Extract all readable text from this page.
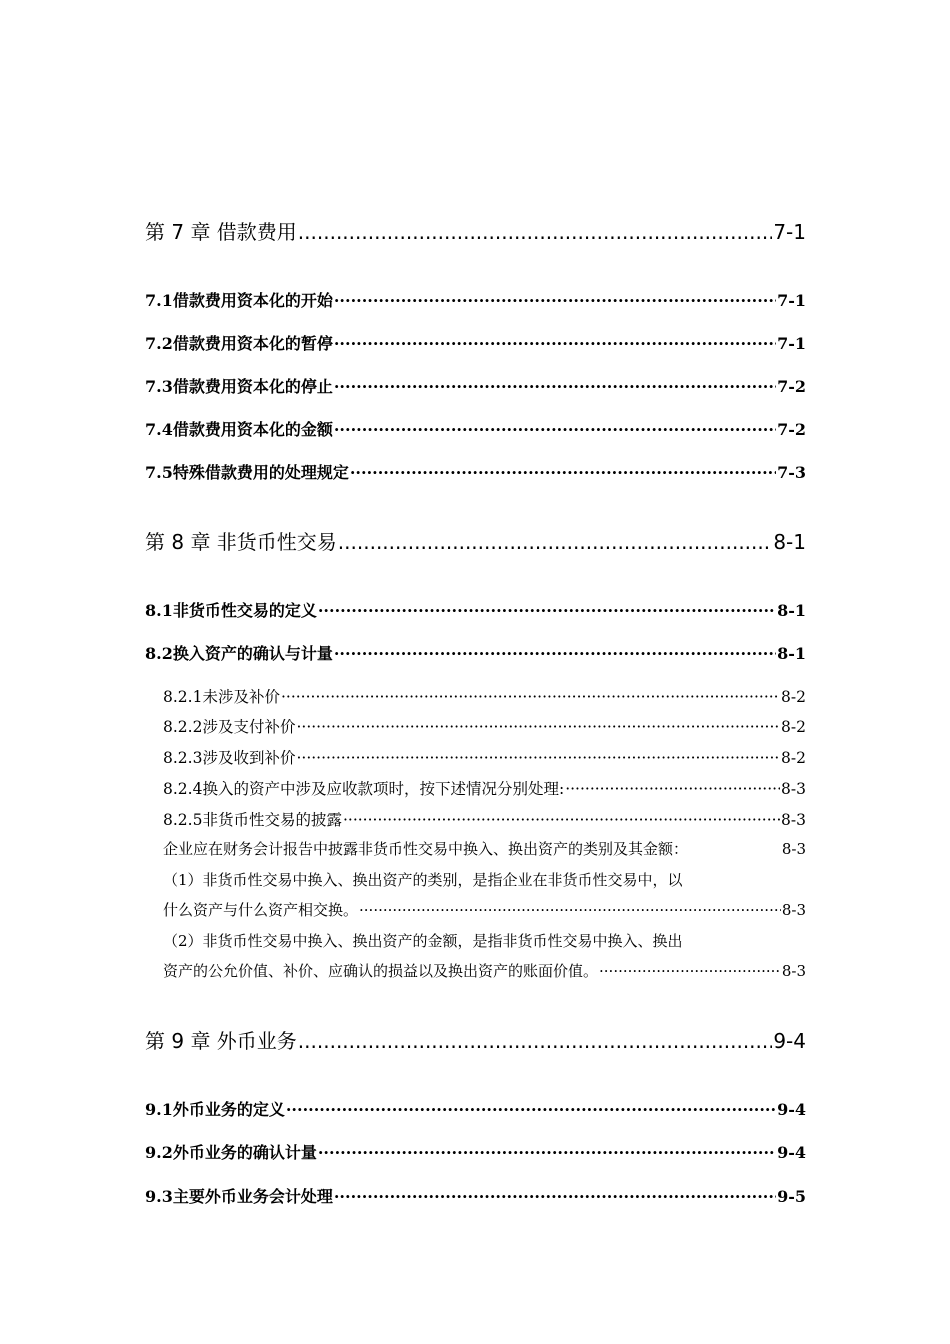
第 7 章 借款费用 .....	7-1
7.1 借款费用资本化的开始 ·····	7-1
7.2 借款费用资本化的暂停 ·····	7-1
7.3 借款费用资本化的停止 ·····	7-2
7.4 借款费用资本化的金额 ·····	7-2
7.5 特殊借款费用的处理规定 ·····	7-3
第 8 章 非货币性交易 .....	8-1
8.1 非货币性交易的定义 ·····	8-1
8.2 换入资产的确认与计量 ·····	8-1
8.2.1 未涉及补价 ·····	8-2
8.2.2 涉及支付补价 ·····	8-2
8.2.3 涉及收到补价 ·····	8-2
8.2.4 换入的资产中涉及应收款项时，按下述情况分别处理: ·····	8-3
8.2.5 非货币性交易的披露 ·····	8-3
企业应在财务会计报告中披露非货币性交易中换入、换出资产的类别及其金额：	8-3
（1）非货币性交易中换入、换出资产的类别，是指企业在非货币性交易中，以
什么资产与什么资产相交换。 ·····	8-3
（2）非货币性交易中换入、换出资产的金额，是指非货币性交易中换入、换出
资产的公允价值、补价、应确认的损益以及换出资产的账面价值。 ·····	8-3
第 9 章 外币业务 .....	9-4
9.1 外币业务的定义 ·····	9-4
9.2 外币业务的确认计量 ·····	9-4
9.3 主要外币业务会计处理 ·····	9-5
